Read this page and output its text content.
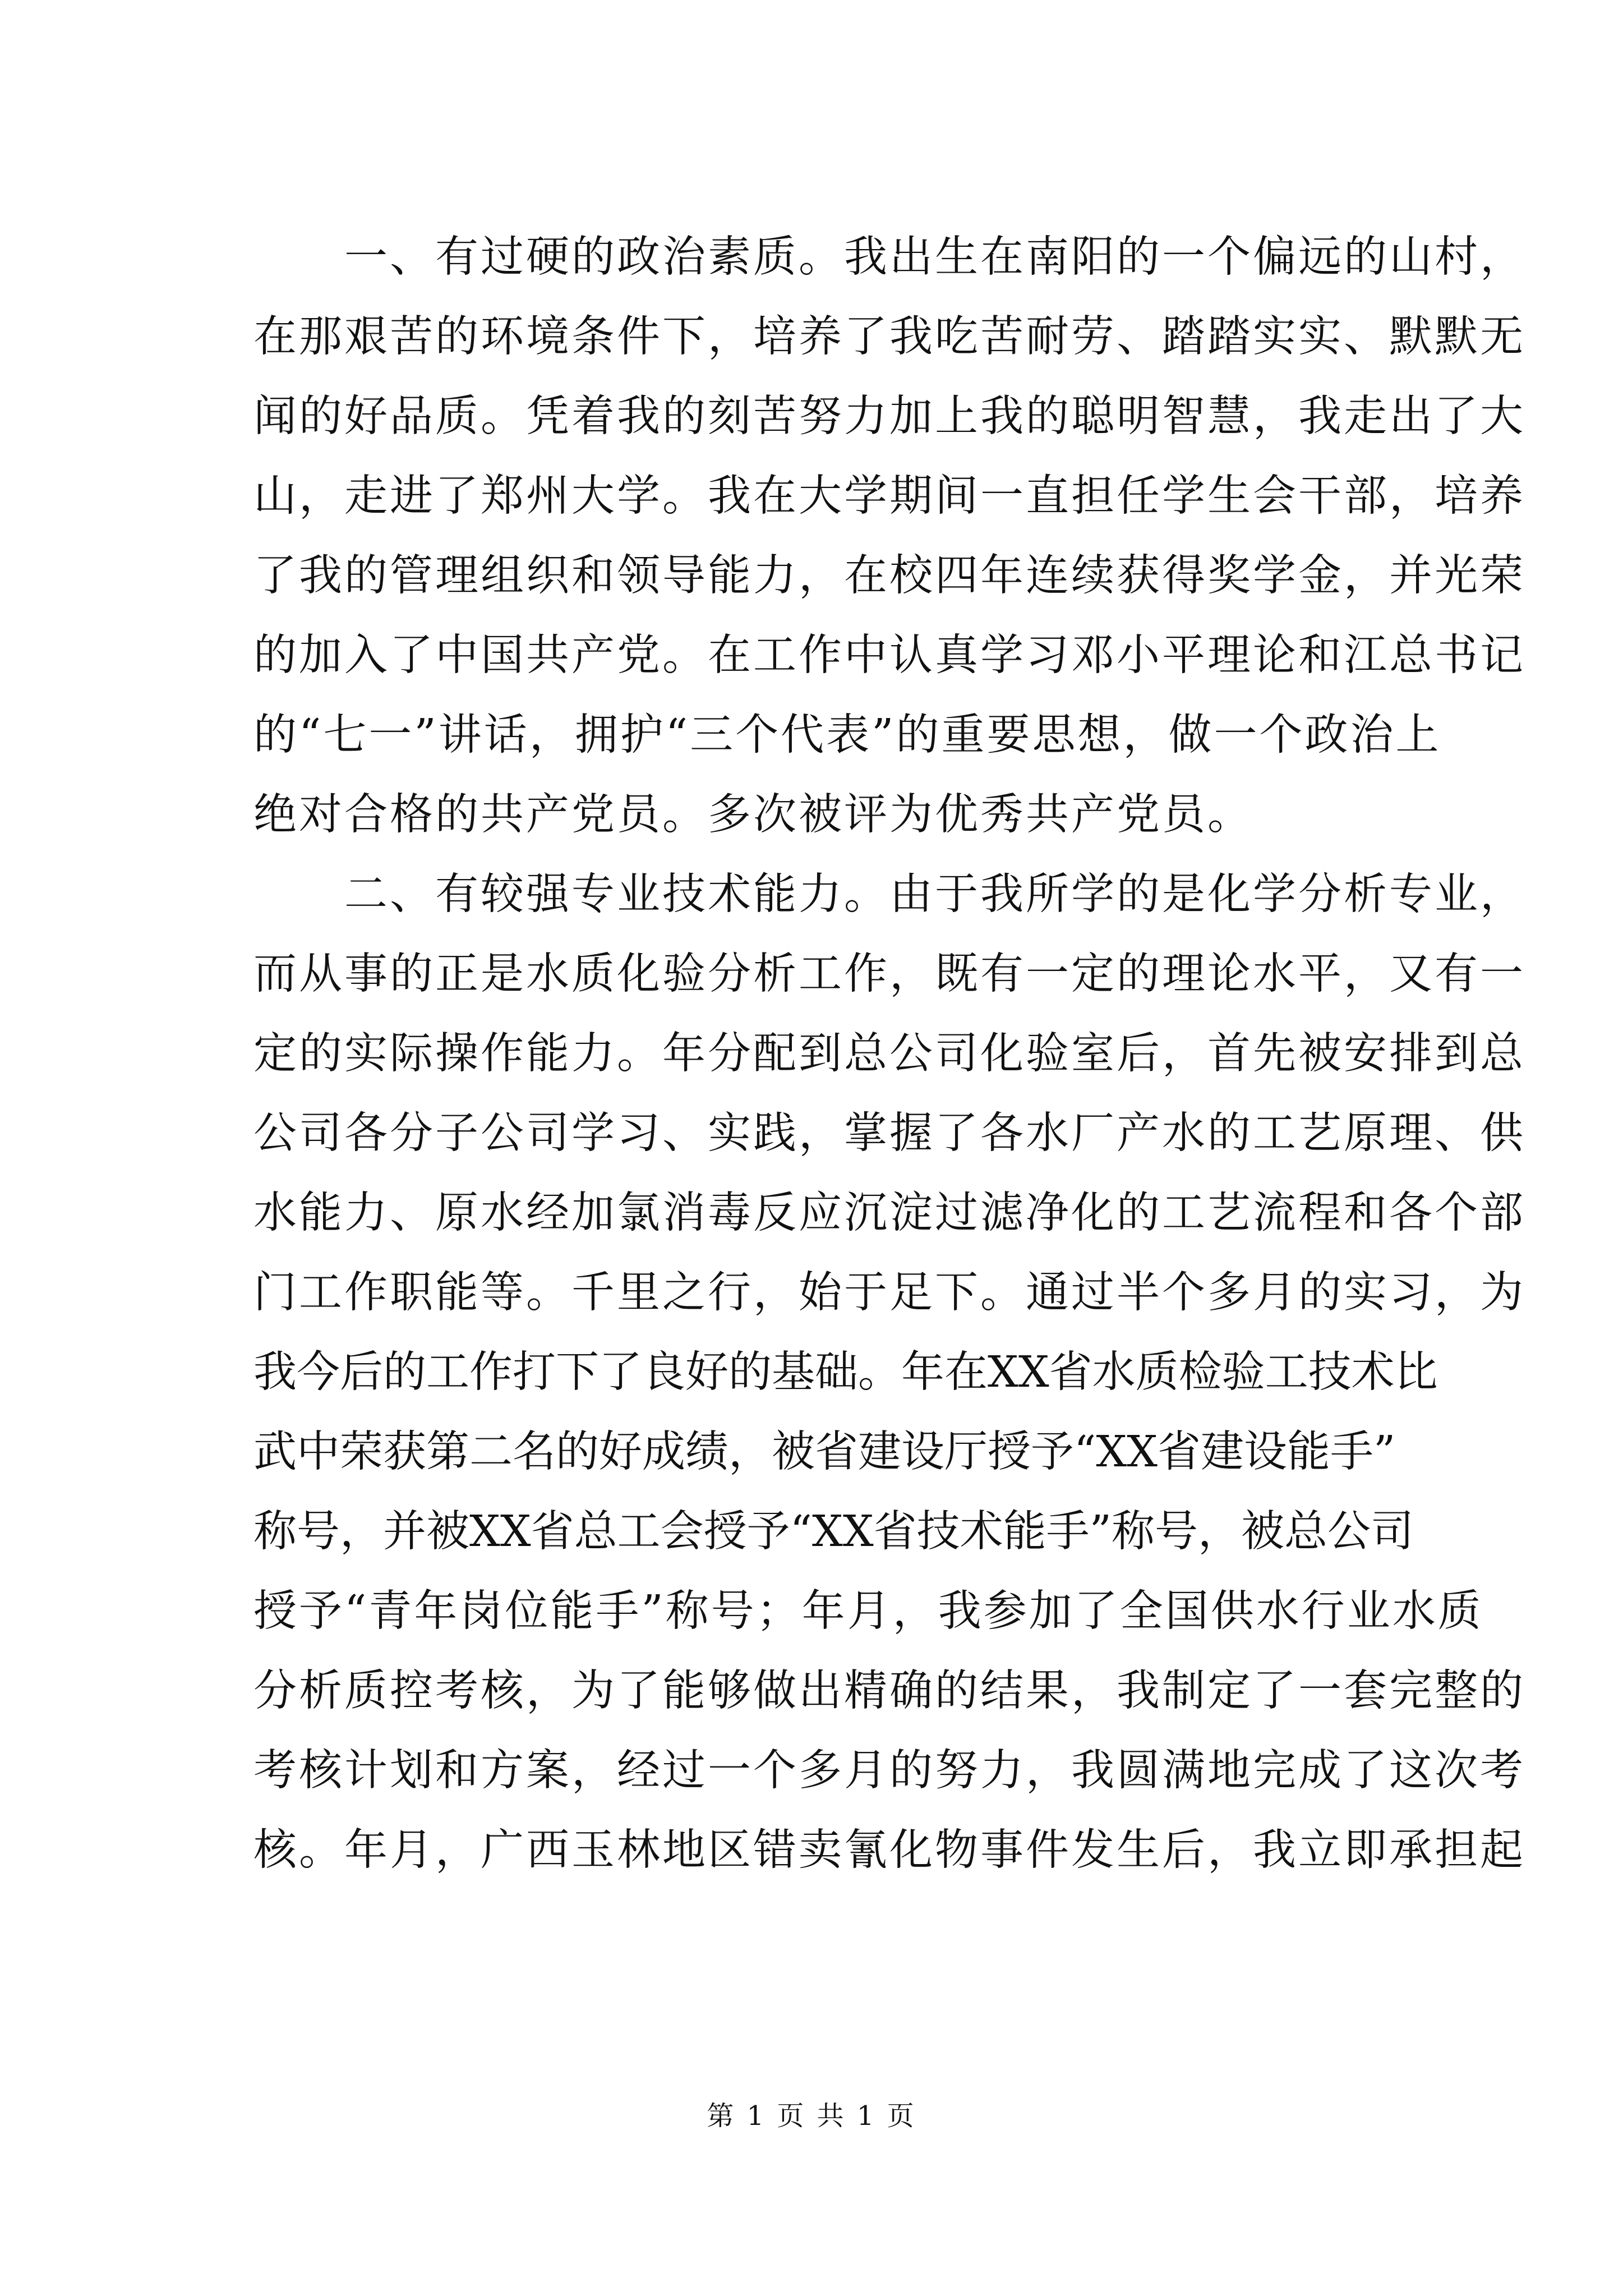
　　一、有过硬的政治素质。我出生在南阳的一个偏远的山村，
在那艰苦的环境条件下，培养了我吃苦耐劳、踏踏实实、默默无
闻的好品质。凭着我的刻苦努力加上我的聪明智慧，我走出了大
山，走进了郑州大学。我在大学期间一直担任学生会干部，培养
了我的管理组织和领导能力，在校四年连续获得奖学金，并光荣
的加入了中国共产党。在工作中认真学习邓小平理论和江总书记
的“七一”讲话，拥护“三个代表”的重要思想，做一个政治上
绝对合格的共产党员。多次被评为优秀共产党员。
　　二、有较强专业技术能力。由于我所学的是化学分析专业，
而从事的正是水质化验分析工作，既有一定的理论水平，又有一
定的实际操作能力。年分配到总公司化验室后，首先被安排到总
公司各分子公司学习、实践，掌握了各水厂产水的工艺原理、供
水能力、原水经加氯消毒反应沉淀过滤净化的工艺流程和各个部
门工作职能等。千里之行，始于足下。通过半个多月的实习，为
我今后的工作打下了良好的基础。年在XX省水质检验工技术比
武中荣获第二名的好成绩，被省建设厅授予“XX省建设能手”
称号，并被XX省总工会授予“XX省技术能手”称号，被总公司
授予“青年岗位能手”称号；年月，我参加了全国供水行业水质
分析质控考核，为了能够做出精确的结果，我制定了一套完整的
考核计划和方案，经过一个多月的努力，我圆满地完成了这次考
核。年月，广西玉林地区错卖氰化物事件发生后，我立即承担起
第 1 页 共 1 页
